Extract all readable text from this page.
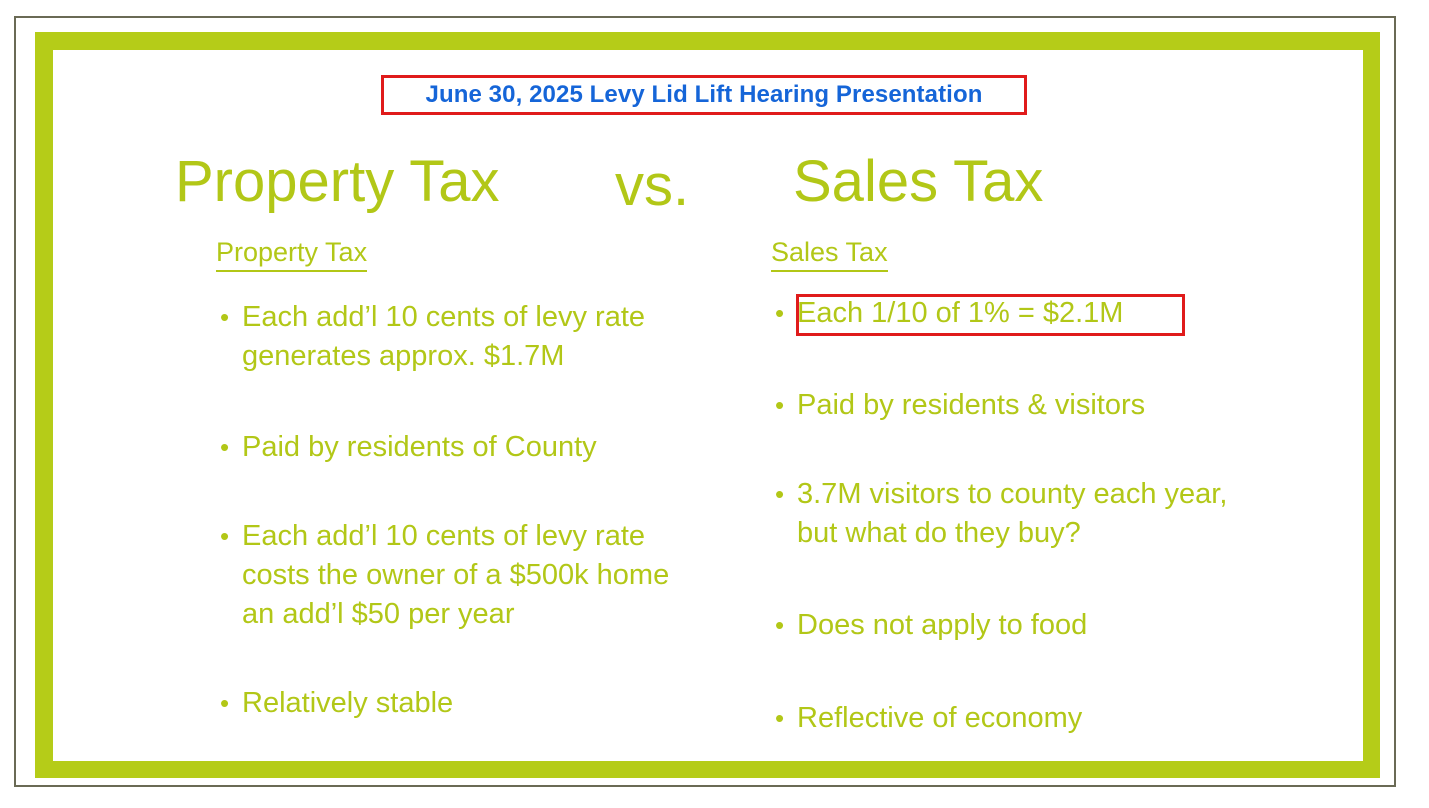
Property Tax vs. Sales Tax
Property Tax
• Each add’l 10 cents of levy rate
generates approx. $1.7M
• Paid by residents of County
• Each add’l 10 cents of levy rate
costs the owner of a $500k home
an add’l $50 per year
• Relatively stable
Sales Tax
• Each 1/10 of 1% = $2.1M
• Paid by residents & visitors
• 3.7M visitors to county each year,
but what do they buy?
• Does not apply to food
• Reflective of economy
June 30, 2025 Levy Lid Lift Hearing Presentation
